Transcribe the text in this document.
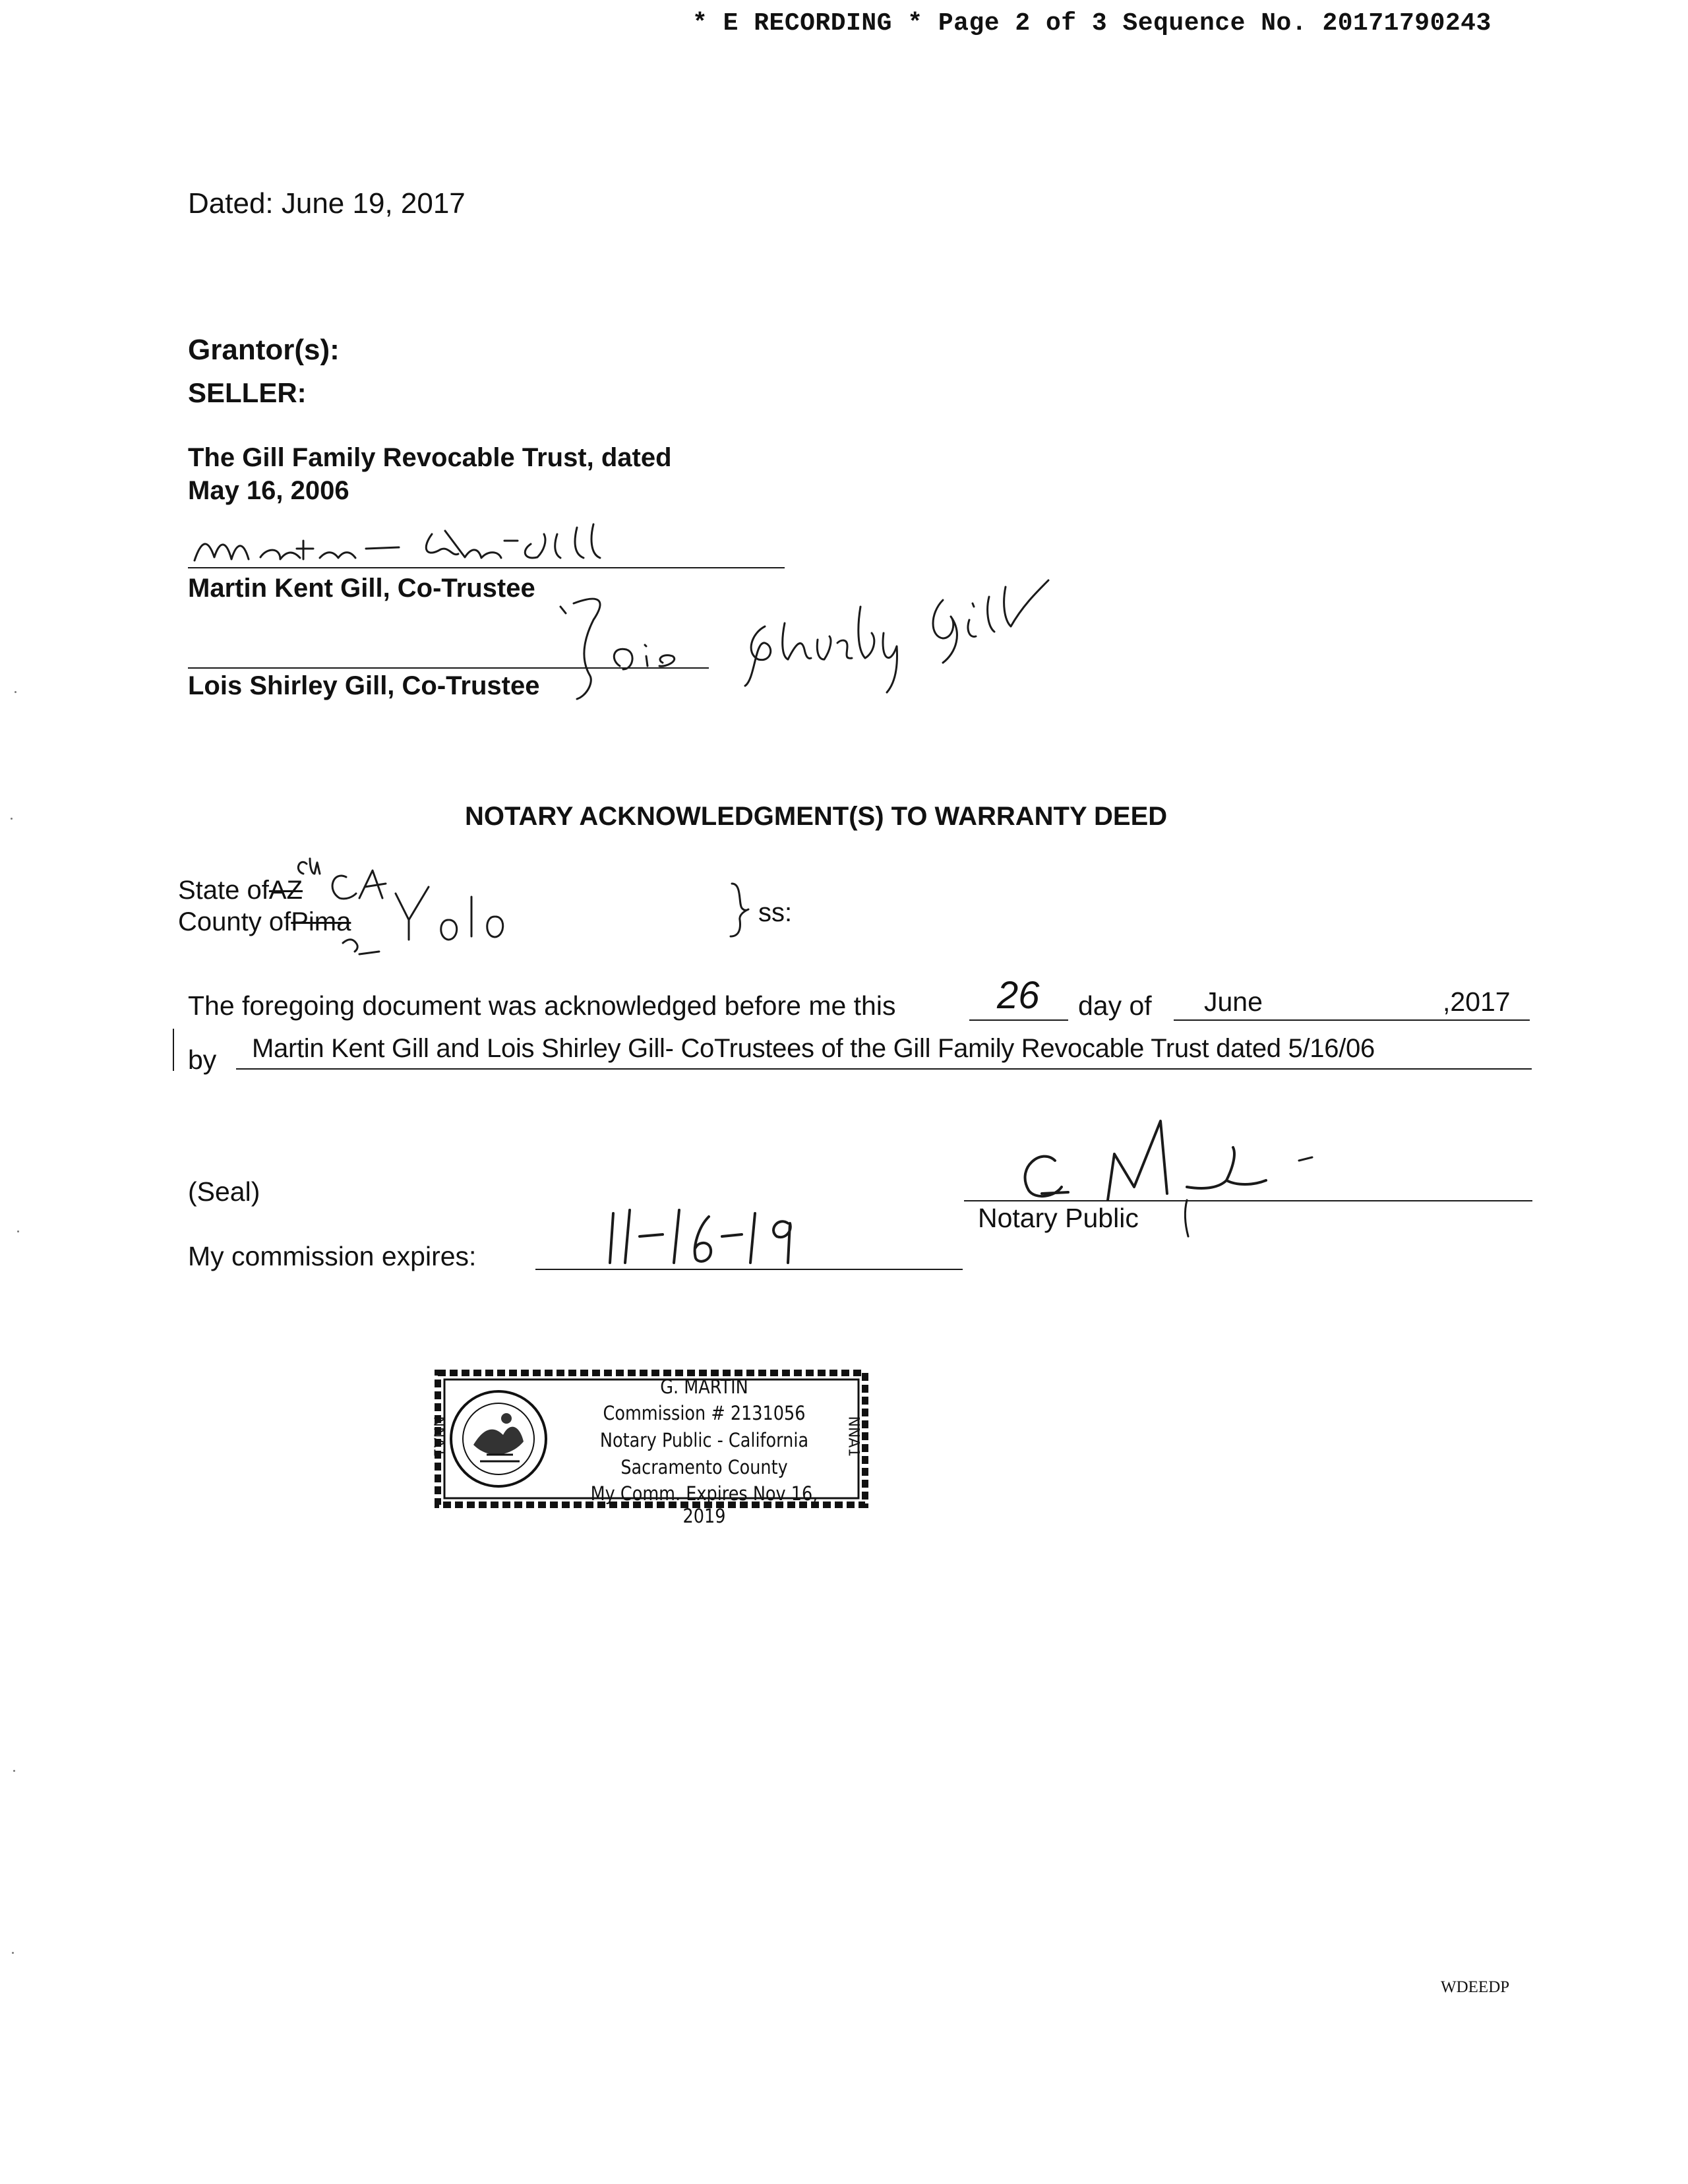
* E RECORDING * Page 2 of 3 Sequence No. 20171790243
Dated: June 19, 2017
Grantor(s):
SELLER:
The Gill Family Revocable Trust, dated
May 16, 2006
Martin Kent Gill, Co-Trustee
Lois Shirley Gill, Co-Trustee
NOTARY ACKNOWLEDGMENT(S) TO WARRANTY DEED
State ofAZ
County ofPima	ss:
The foregoing document was acknowledged before me this	26 day of June	,2017
by Martin Kent Gill and Lois Shirley Gill- CoTrustees of the Gill Family Revocable Trust dated 5/16/06
(Seal)
Notary Public
My commission expires:
NNA1	NNA1
G. MARTIN
Commission # 2131056
Notary Public - California
Sacramento County
My Comm. Expires Nov 16, 2019
WDEEDP
